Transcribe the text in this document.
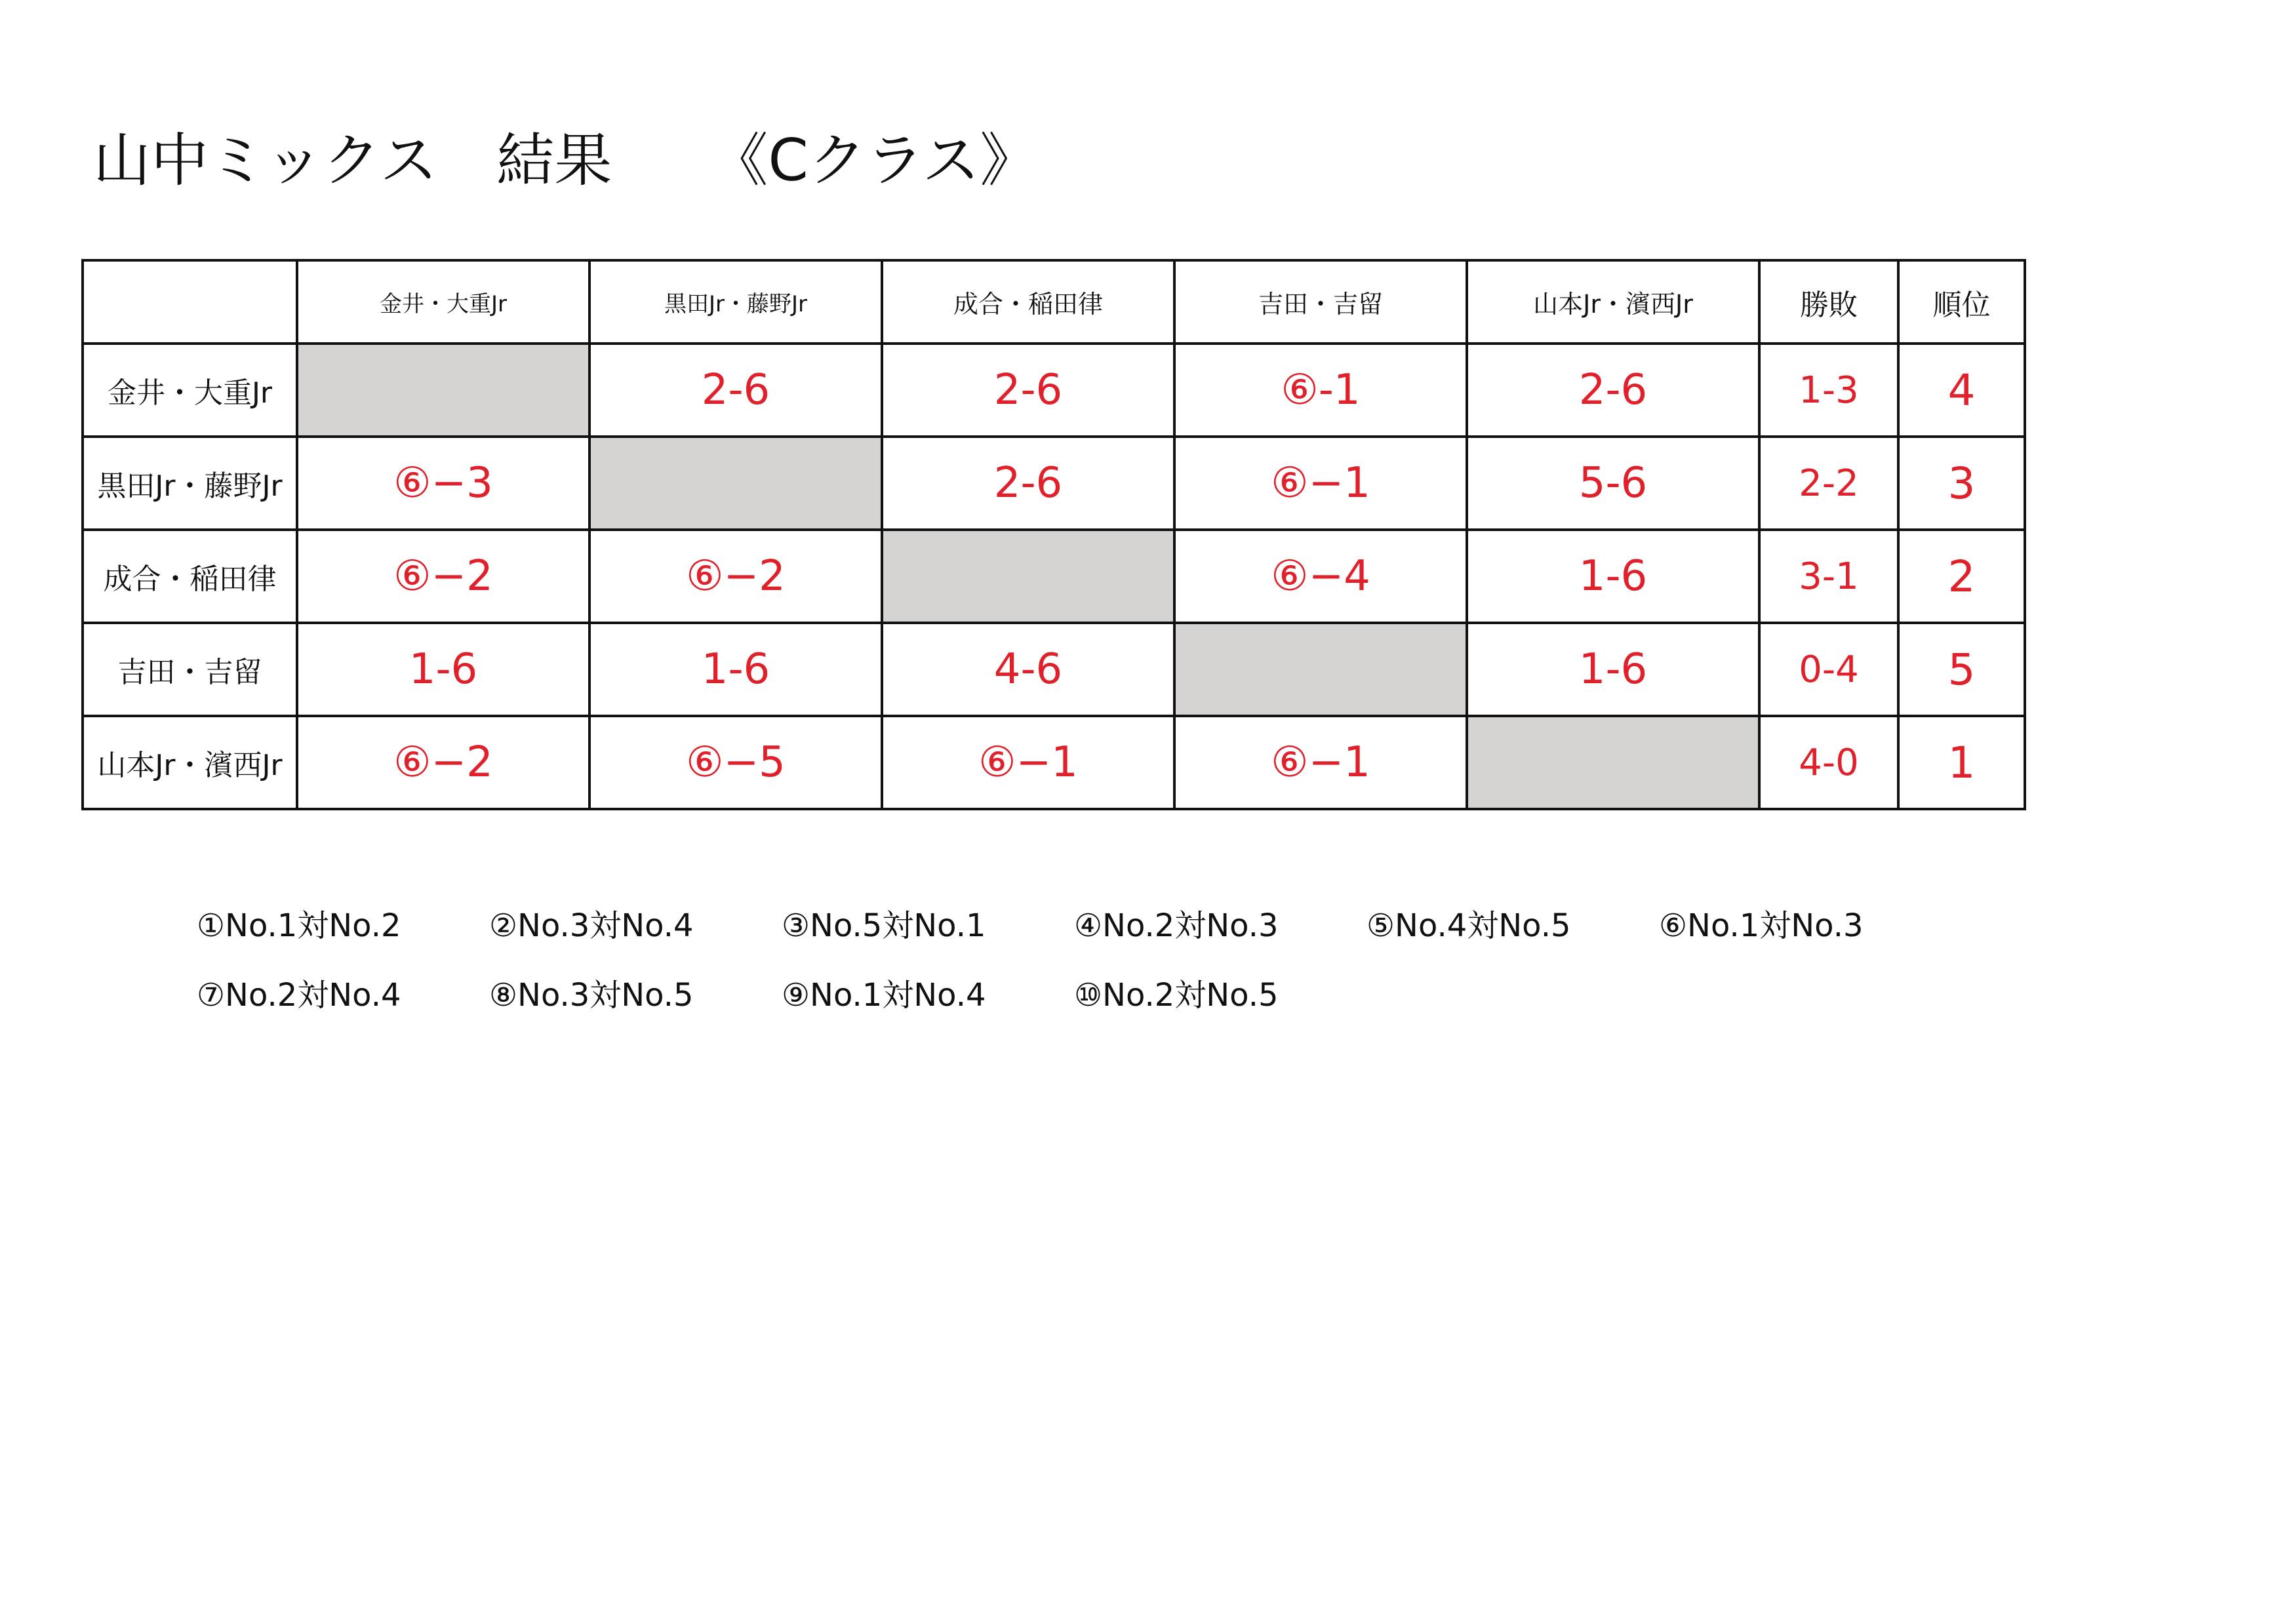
山中ミックス 結果 《Cクラス》
	金井・大重Jr	黒田Jr・藤野Jr	成合・稲田律	吉田・吉留	山本Jr・濱西Jr	勝敗	順位
金井・大重Jr		2-6	2-6	⑥-1	2-6	1-3	4
黒田Jr・藤野Jr	⑥−3		2-6	⑥−1	5-6	2-2	3
成合・稲田律	⑥−2	⑥−2		⑥−4	1-6	3-1	2
吉田・吉留	1-6	1-6	4-6		1-6	0-4	5
山本Jr・濱西Jr	⑥−2	⑥−5	⑥−1	⑥−1		4-0	1
①No.1対No.2	②No.3対No.4	③No.5対No.1	④No.2対No.3	⑤No.4対No.5	⑥No.1対No.3
⑦No.2対No.4	⑧No.3対No.5	⑨No.1対No.4	⑩No.2対No.5
